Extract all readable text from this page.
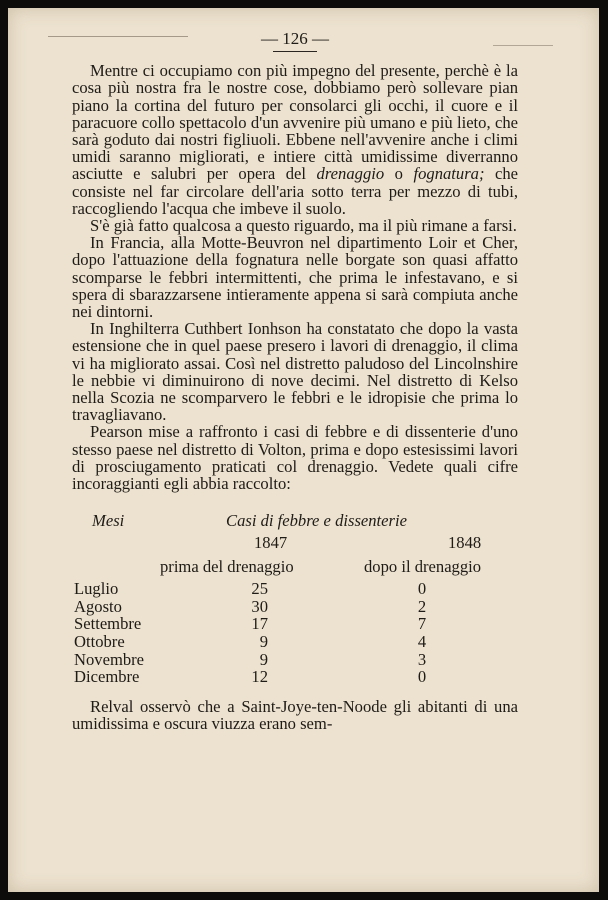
— 126 —

Mentre ci occupiamo con più impegno del presente, perchè è la cosa più nostra fra le nostre cose, dobbiamo però sollevare pian piano la cortina del futuro per consolarci gli occhi, il cuore e il paracuore collo spettacolo d'un avvenire più umano e più lieto, che sarà goduto dai nostri figliuoli. Ebbene nell'avvenire anche i climi umidi saranno migliorati, e intiere città umidissime diverranno asciutte e salubri per opera del drenaggio o fognatura; che consiste nel far circolare dell'aria sotto terra per mezzo di tubi, raccogliendo l'acqua che imbeve il suolo.

S'è già fatto qualcosa a questo riguardo, ma il più rimane a farsi.

In Francia, alla Motte-Beuvron nel dipartimento Loir et Cher, dopo l'attuazione della fognatura nelle borgate son quasi affatto scomparse le febbri intermittenti, che prima le infestavano, e si spera di sbarazzarsene intieramente appena si sarà compiuta anche nei dintorni.

In Inghilterra Cuthbert Ionhson ha constatato che dopo la vasta estensione che in quel paese presero i lavori di drenaggio, il clima vi ha migliorato assai. Così nel distretto paludoso del Lincolnshire le nebbie vi diminuirono di nove decimi. Nel distretto di Kelso nella Scozia ne scomparvero le febbri e le idropisie che prima lo travagliavano.

Pearson mise a raffronto i casi di febbre e di dissenterie d'uno stesso paese nel distretto di Volton, prima e dopo estesissimi lavori di prosciugamento praticati col drenaggio. Vedete quali cifre incoraggianti egli abbia raccolto:

Mesi	Casi di febbre e dissenterie
1847	1848
prima del drenaggio	dopo il drenaggio
Luglio	25	0
Agosto	30	2
Settembre	17	7
Ottobre	9	4
Novembre	9	3
Dicembre	12	0

Relval osservò che a Saint-Joye-ten-Noode gli abitanti di una umidissima e oscura viuzza erano sem-
